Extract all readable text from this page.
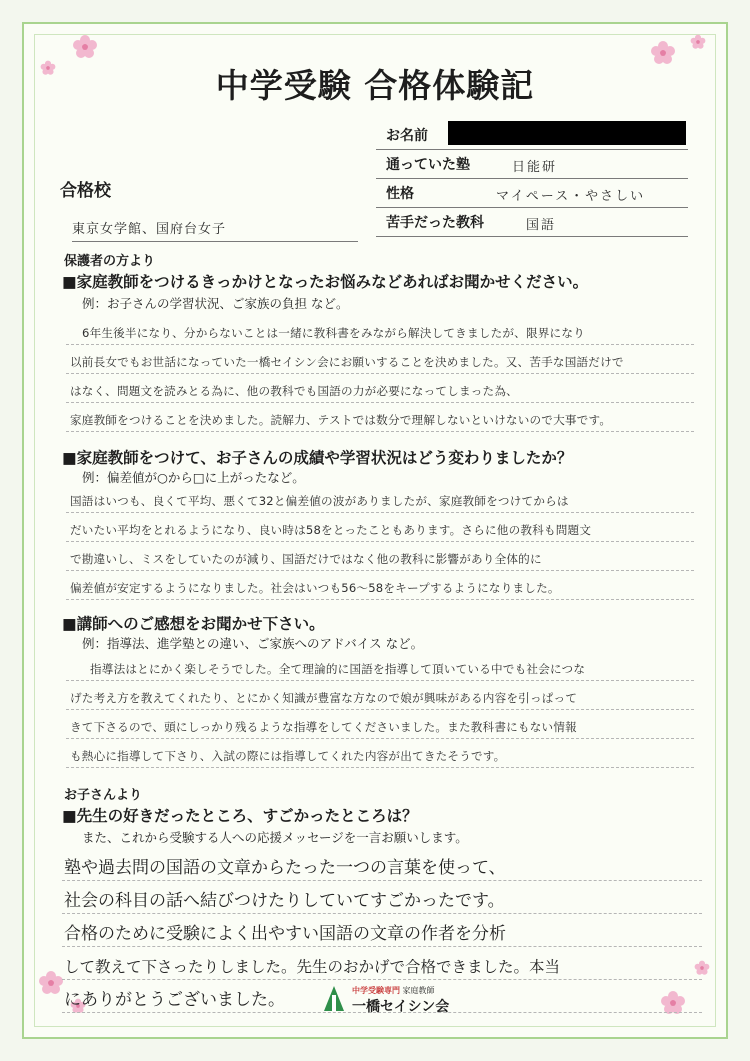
中学受験 合格体験記
お名前
通っていた塾	日能研
性格	マイペース・やさしい
苦手だった教科	国語
合格校
東京女学館、国府台女子
保護者の方より
■家庭教師をつけるきっかけとなったお悩みなどあればお聞かせください。
例：お子さんの学習状況、ご家族の負担 など。
6年生後半になり、分からないことは一緒に教科書をみながら解決してきましたが、限界になり
以前長女でもお世話になっていた一橋セイシン会にお願いすることを決めました。又、苦手な国語だけで
はなく、問題文を読みとる為に、他の教科でも国語の力が必要になってしまった為、
家庭教師をつけることを決めました。読解力、テストでは数分で理解しないといけないので大事です。
■家庭教師をつけて、お子さんの成績や学習状況はどう変わりましたか？
例：偏差値が○から□に上がったなど。
国語はいつも、良くて平均、悪くて32と偏差値の波がありましたが、家庭教師をつけてからは
だいたい平均をとれるようになり、良い時は58をとったこともあります。さらに他の教科も問題文
で勘違いし、ミスをしていたのが減り、国語だけではなく他の教科に影響があり全体的に
偏差値が安定するようになりました。社会はいつも56～58をキープするようになりました。
■講師へのご感想をお聞かせ下さい。
例：指導法、進学塾との違い、ご家族へのアドバイス など。
指導法はとにかく楽しそうでした。全て理論的に国語を指導して頂いている中でも社会につな
げた考え方を教えてくれたり、とにかく知識が豊富な方なので娘が興味がある内容を引っぱって
きて下さるので、頭にしっかり残るような指導をしてくださいました。また教科書にもない情報
も熱心に指導して下さり、入試の際には指導してくれた内容が出てきたそうです。
お子さんより
■先生の好きだったところ、すごかったところは？
また、これから受験する人への応援メッセージを一言お願いします。
塾や過去問の国語の文章からたった一つの言葉を使って、
社会の科目の話へ結びつけたりしていてすごかったです。
合格のために受験によく出やすい国語の文章の作者を分析
して教えて下さったりしました。先生のおかげで合格できました。本当
にありがとうございました。	中学受験専門 家庭教師
一橋セイシン会
